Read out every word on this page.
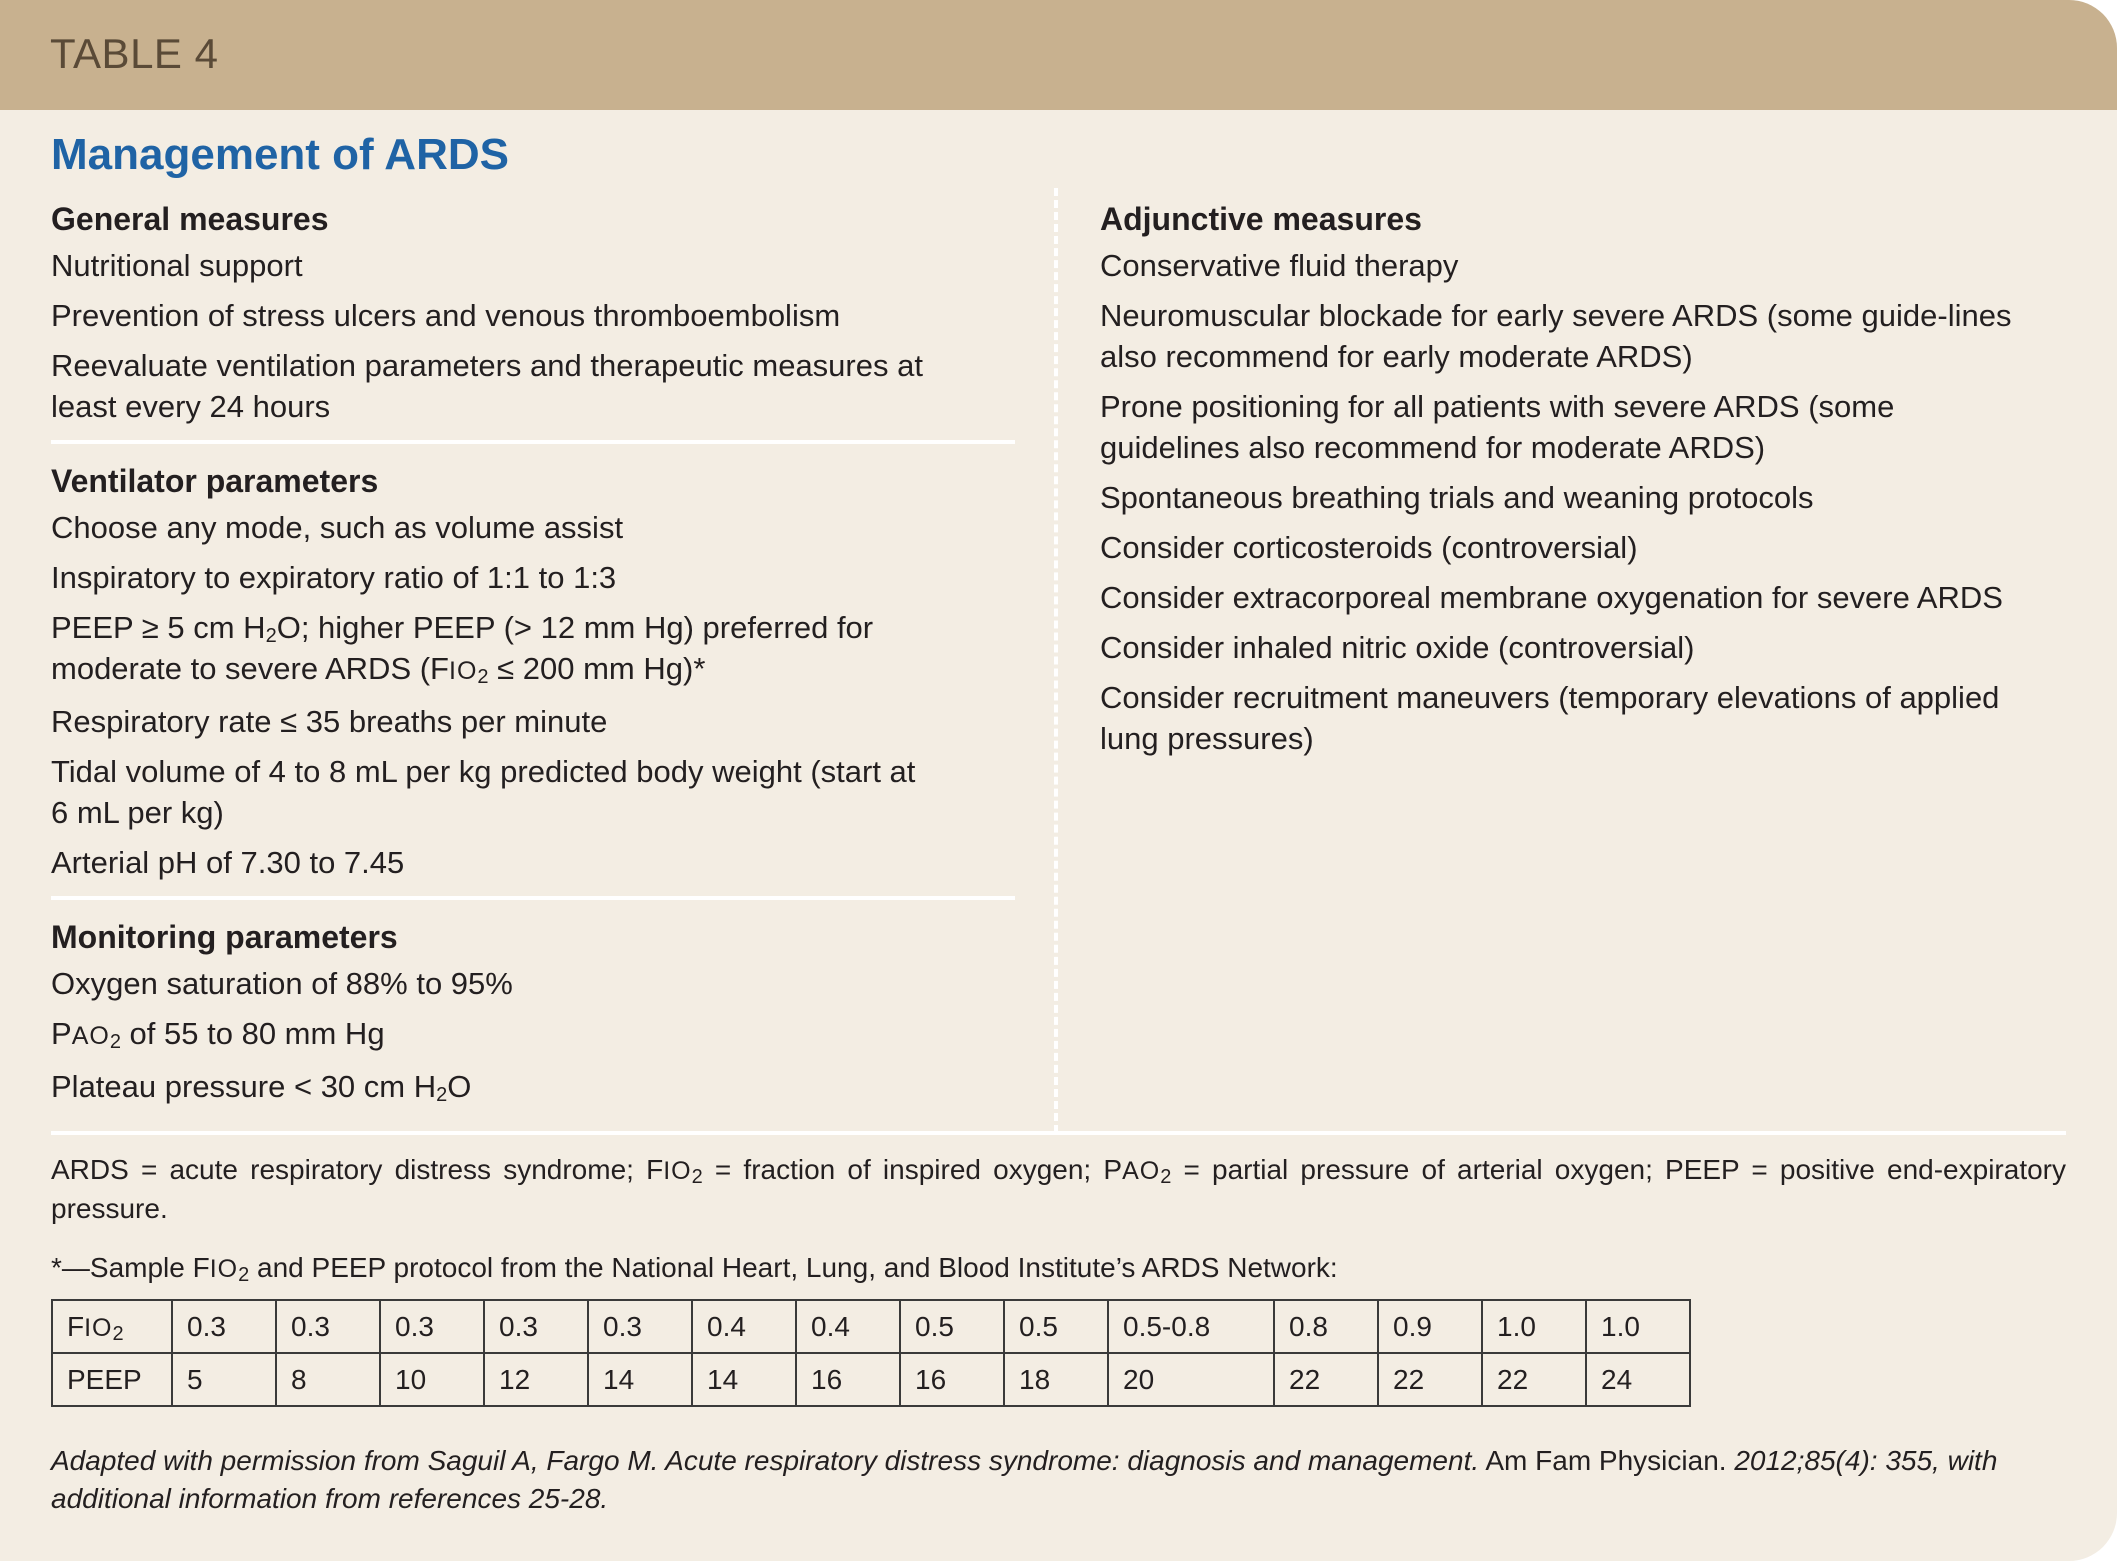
TABLE 4
Management of ARDS
General measures
Nutritional support
Prevention of stress ulcers and venous thromboembolism
Reevaluate ventilation parameters and therapeutic measures at least every 24 hours
Ventilator parameters
Choose any mode, such as volume assist
Inspiratory to expiratory ratio of 1:1 to 1:3
PEEP ≥ 5 cm $H_2O$; higher PEEP (> 12 mm Hg) preferred for moderate to severe ARDS ($FIO_2 \le 200$ mm Hg)*
Respiratory rate ≤ 35 breaths per minute
Tidal volume of 4 to 8 mL per kg predicted body weight (start at 6 mL per kg)
Arterial pH of 7.30 to 7.45
Monitoring parameters
Oxygen saturation of 88% to 95%
$PAO_2$ of 55 to 80 mm Hg
Plateau pressure < 30 cm $H_2O$
Adjunctive measures
Conservative fluid therapy
Neuromuscular blockade for early severe ARDS (some guide-lines also recommend for early moderate ARDS)
Prone positioning for all patients with severe ARDS (some guidelines also recommend for moderate ARDS)
Spontaneous breathing trials and weaning protocols
Consider corticosteroids (controversial)
Consider extracorporeal membrane oxygenation for severe ARDS
Consider inhaled nitric oxide (controversial)
Consider recruitment maneuvers (temporary elevations of applied lung pressures)
ARDS = acute respiratory distress syndrome; $FIO_2$ = fraction of inspired oxygen; $PAO_2$ = partial pressure of arterial oxygen; PEEP = positive end-expiratory pressure.
*—Sample $FIO_2$ and PEEP protocol from the National Heart, Lung, and Blood Institute’s ARDS Network:
$FIO_2$	0.3	0.3	0.3	0.3	0.3	0.4	0.4	0.5	0.5	0.5-0.8	0.8	0.9	1.0	1.0
PEEP	5	8	10	12	14	14	16	16	18	20	22	22	22	24
Adapted with permission from Saguil A, Fargo M. Acute respiratory distress syndrome: diagnosis and management. Am Fam Physician. 2012;85(4): 355, with additional information from references 25-28.
